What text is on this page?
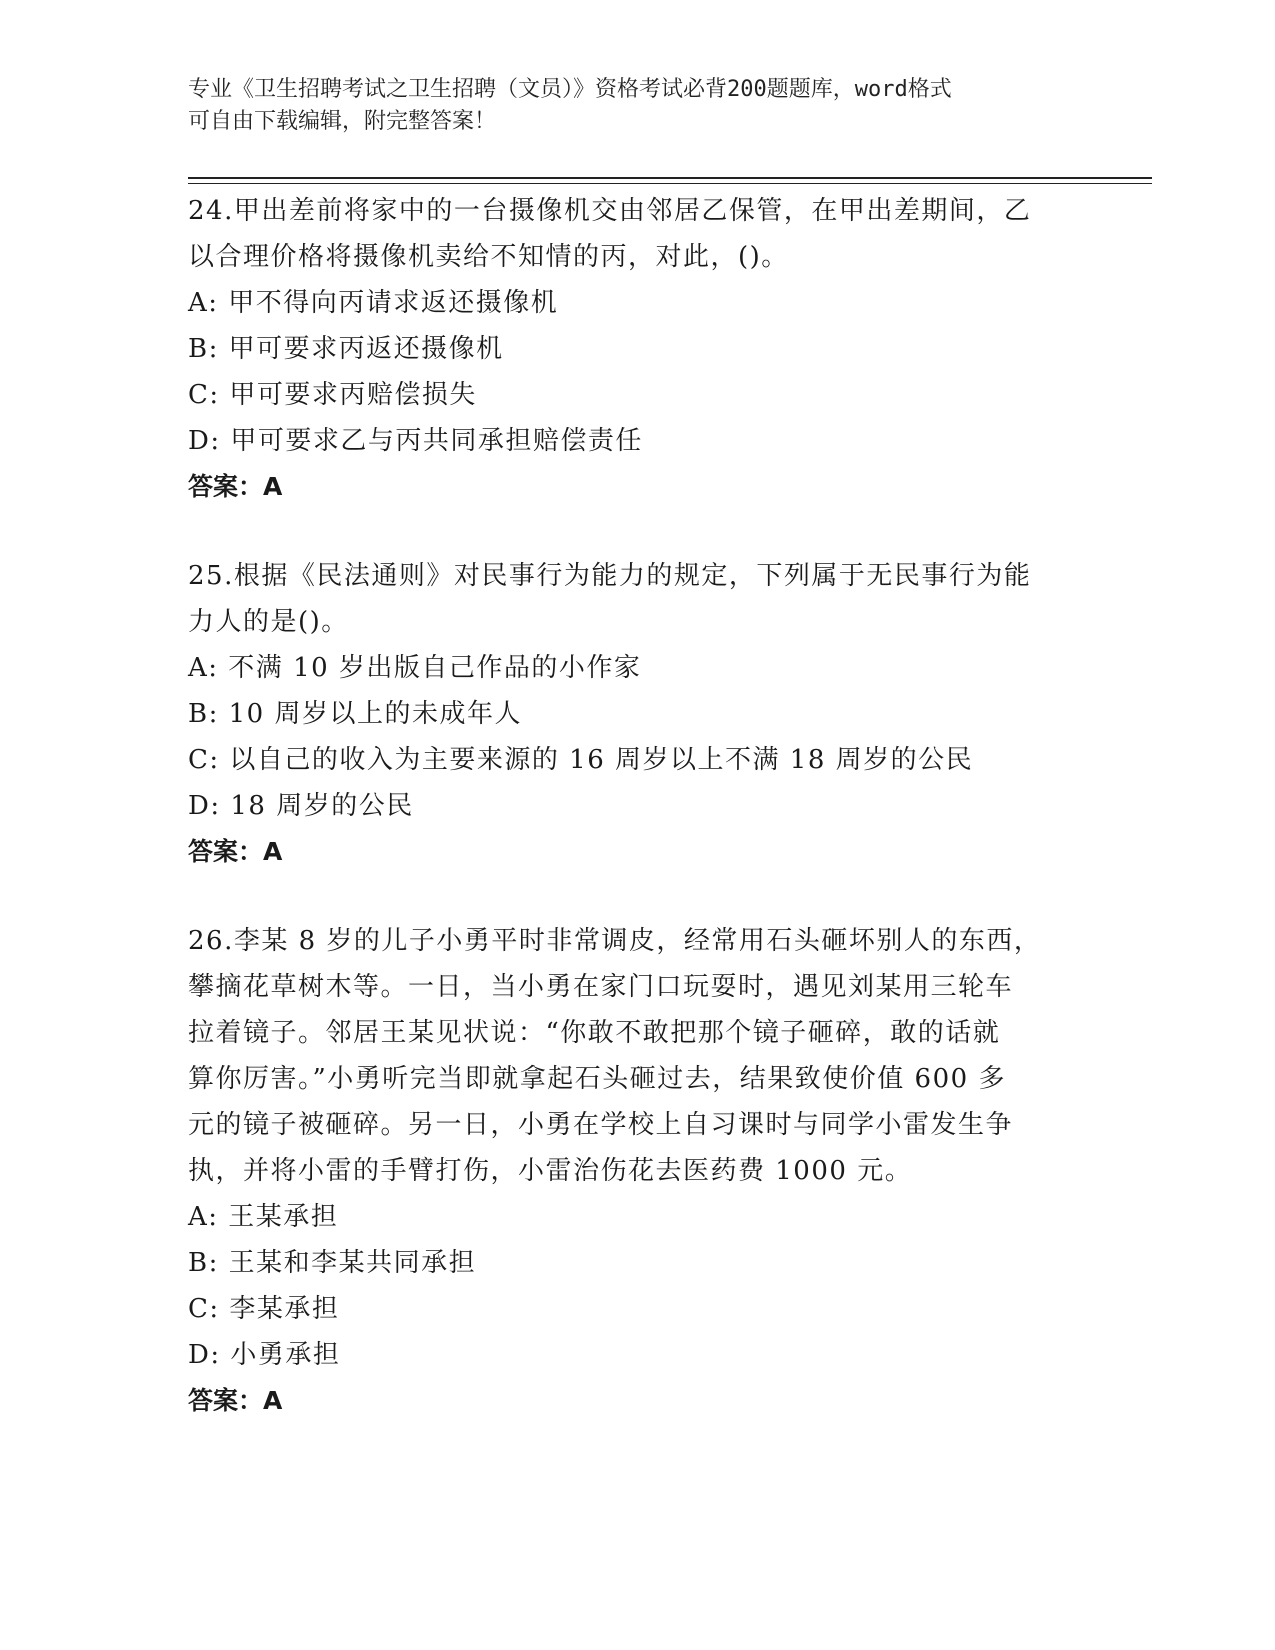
专业《卫生招聘考试之卫生招聘（文员）》资格考试必背200题题库，word格式
可自由下载编辑，附完整答案！
24.甲出差前将家中的一台摄像机交由邻居乙保管，在甲出差期间，乙
以合理价格将摄像机卖给不知情的丙，对此，()。
A: 甲不得向丙请求返还摄像机
B: 甲可要求丙返还摄像机
C: 甲可要求丙赔偿损失
D: 甲可要求乙与丙共同承担赔偿责任
答案：A
25.根据《民法通则》对民事行为能力的规定，下列属于无民事行为能
力人的是()。
A: 不满 10 岁出版自己作品的小作家
B: 10 周岁以上的未成年人
C: 以自己的收入为主要来源的 16 周岁以上不满 18 周岁的公民
D: 18 周岁的公民
答案：A
26.李某 8 岁的儿子小勇平时非常调皮，经常用石头砸坏别人的东西，
攀摘花草树木等。一日，当小勇在家门口玩耍时，遇见刘某用三轮车
拉着镜子。邻居王某见状说：“你敢不敢把那个镜子砸碎，敢的话就
算你厉害。”小勇听完当即就拿起石头砸过去，结果致使价值 600 多
元的镜子被砸碎。另一日，小勇在学校上自习课时与同学小雷发生争
执，并将小雷的手臂打伤，小雷治伤花去医药费 1000 元。
A: 王某承担
B: 王某和李某共同承担
C: 李某承担
D: 小勇承担
答案：A
